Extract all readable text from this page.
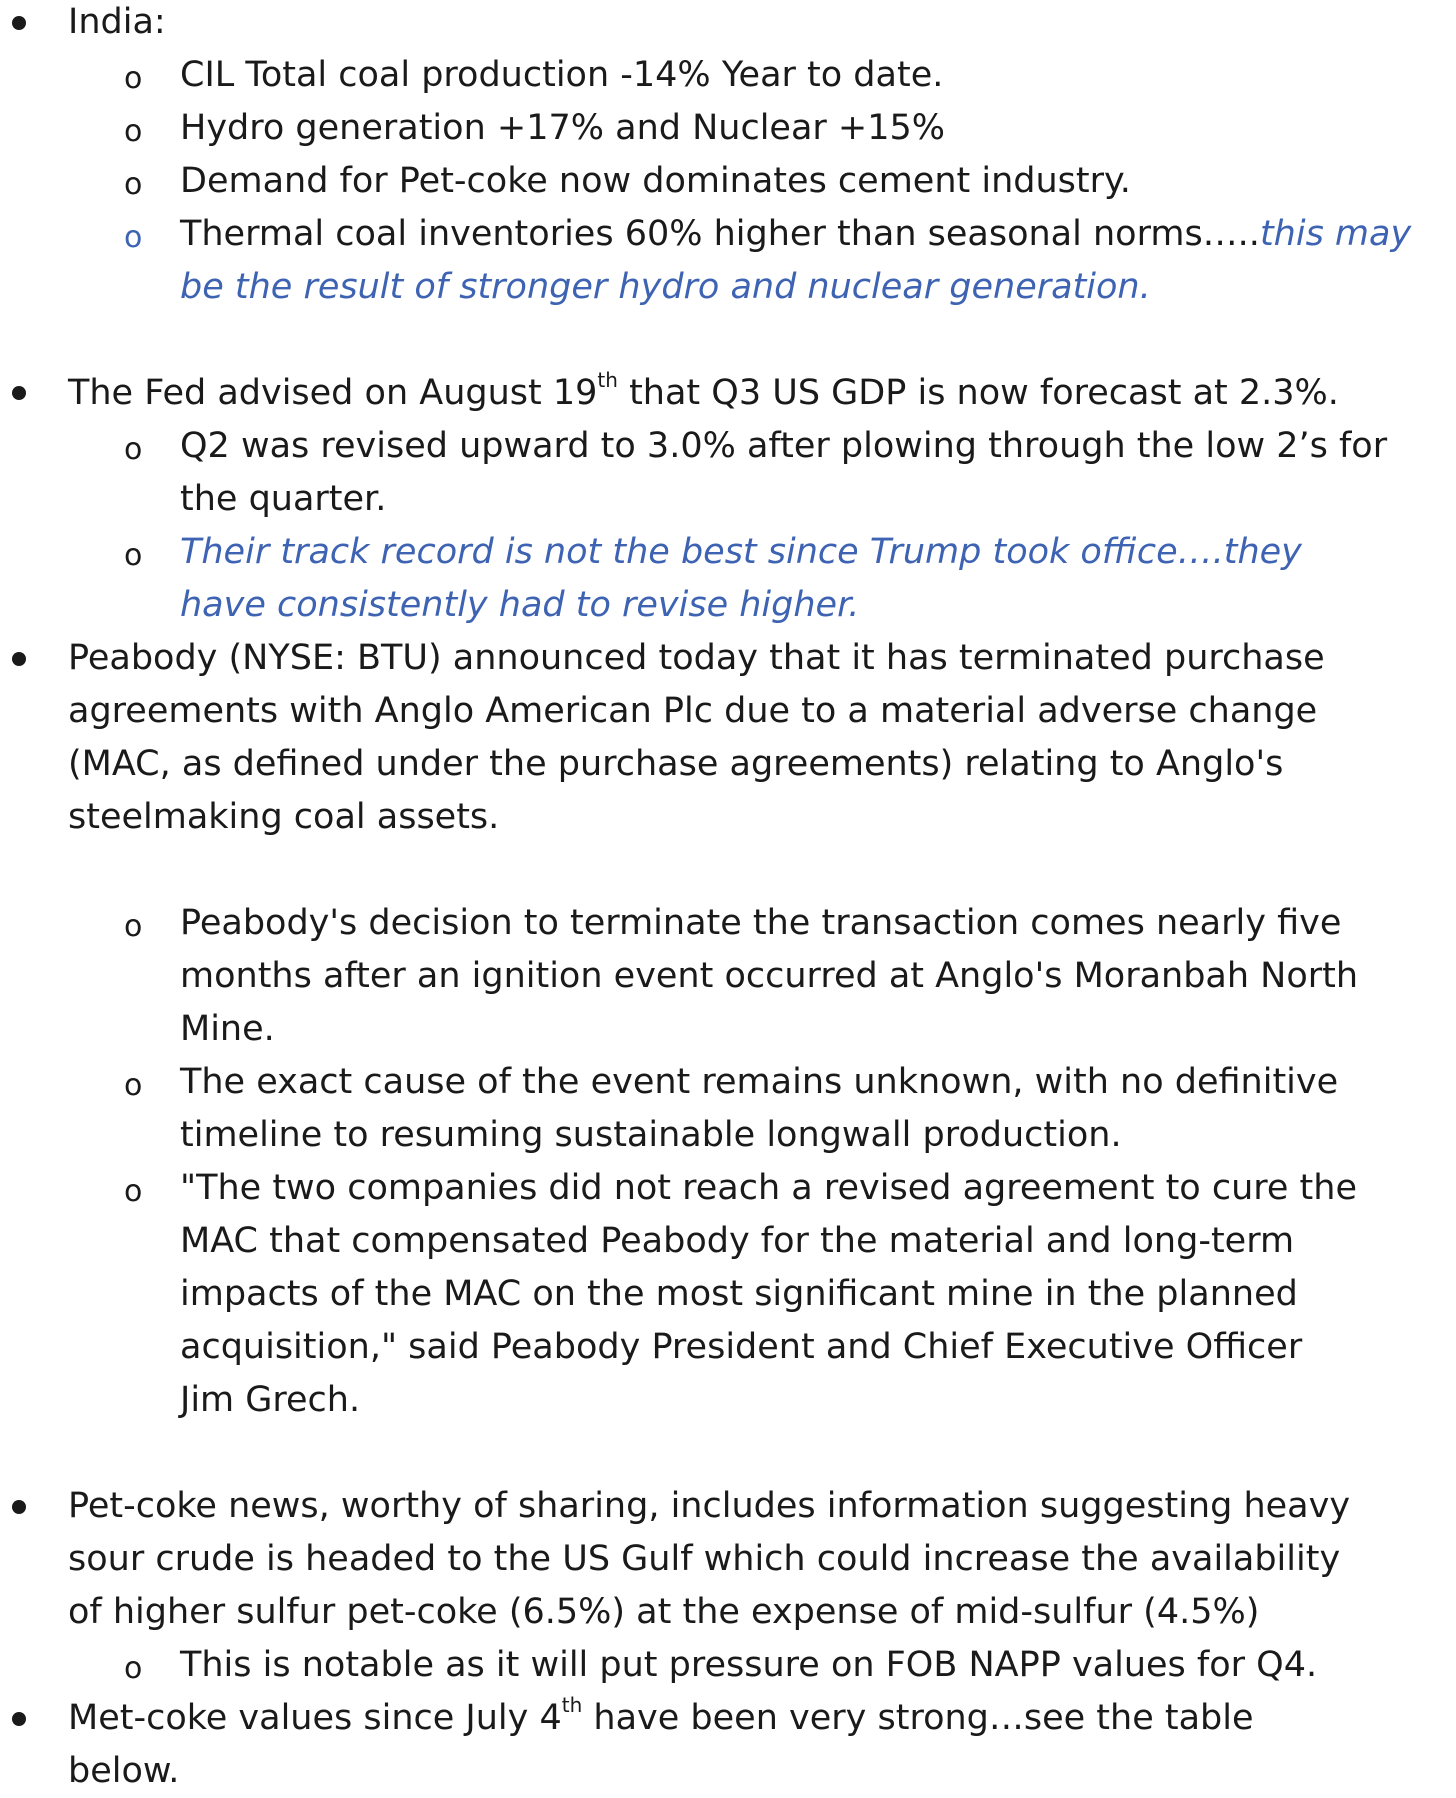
India:
o CIL Total coal production -14% Year to date.
o Hydro generation +17% and Nuclear +15%
o Demand for Pet-coke now dominates cement industry.
o Thermal coal inventories 60% higher than seasonal norms…..this may
be the result of stronger hydro and nuclear generation.
The Fed advised on August 19th that Q3 US GDP is now forecast at 2.3%.
o Q2 was revised upward to 3.0% after plowing through the low 2’s for
the quarter.
o Their track record is not the best since Trump took office….they
have consistently had to revise higher.
Peabody (NYSE: BTU) announced today that it has terminated purchase
agreements with Anglo American Plc due to a material adverse change
(MAC, as defined under the purchase agreements) relating to Anglo's
steelmaking coal assets.
o Peabody's decision to terminate the transaction comes nearly five
months after an ignition event occurred at Anglo's Moranbah North
Mine.
o The exact cause of the event remains unknown, with no definitive
timeline to resuming sustainable longwall production.
o "The two companies did not reach a revised agreement to cure the
MAC that compensated Peabody for the material and long-term
impacts of the MAC on the most significant mine in the planned
acquisition," said Peabody President and Chief Executive Officer
Jim Grech.
Pet-coke news, worthy of sharing, includes information suggesting heavy
sour crude is headed to the US Gulf which could increase the availability
of higher sulfur pet-coke (6.5%) at the expense of mid-sulfur (4.5%)
o This is notable as it will put pressure on FOB NAPP values for Q4.
Met-coke values since July 4th have been very strong…see the table
below.
